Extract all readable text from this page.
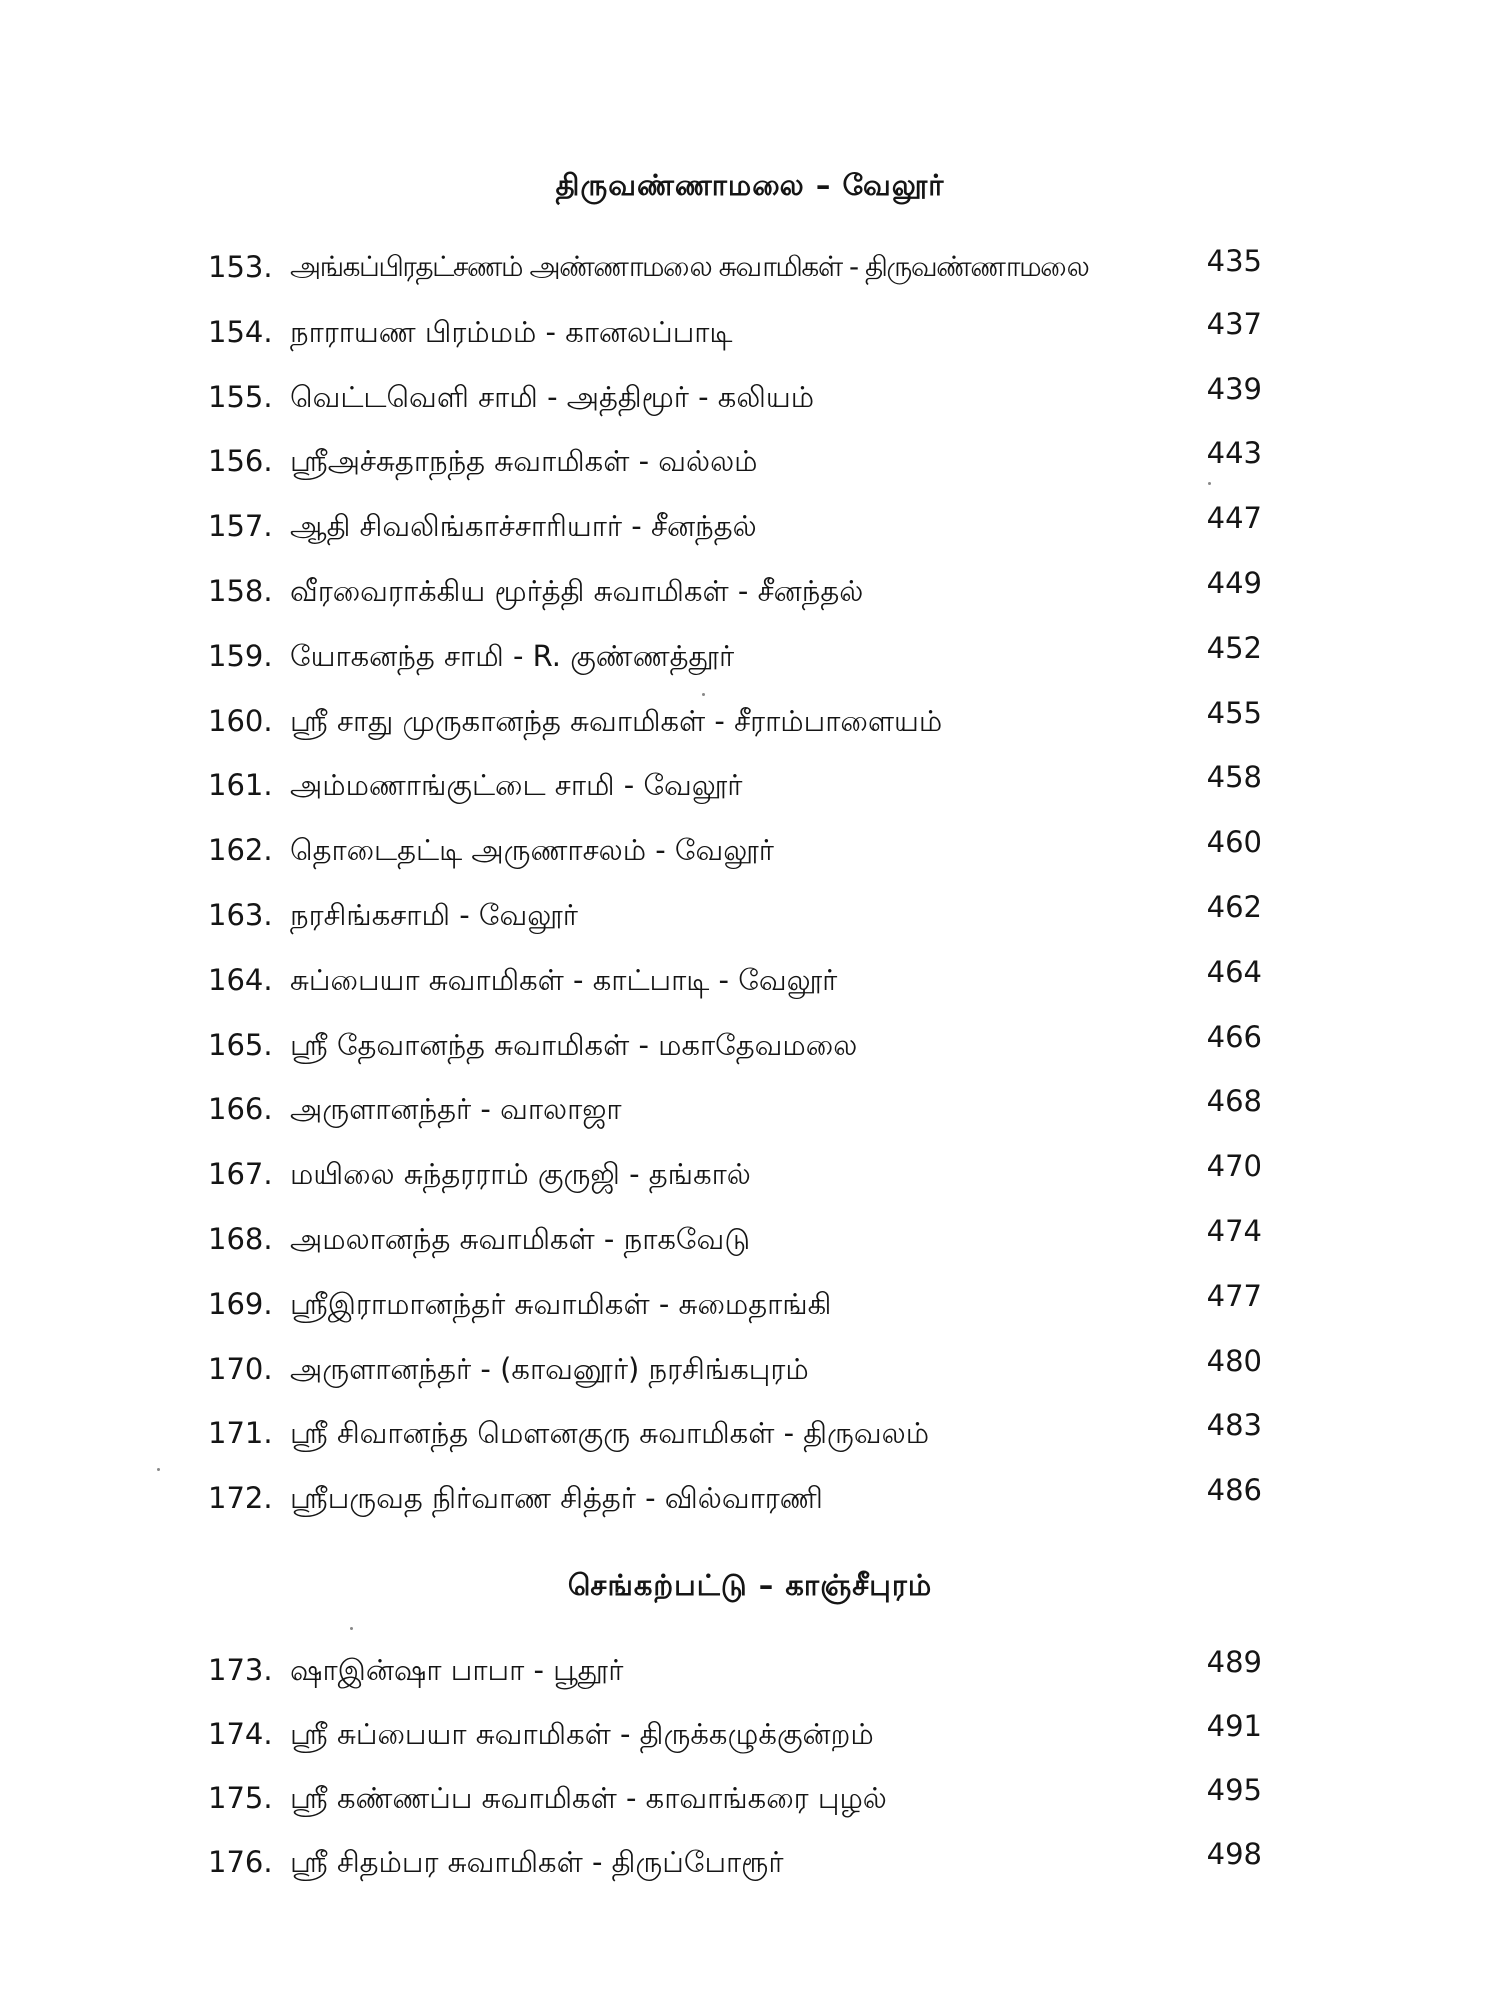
திருவண்ணாமலை – வேலூர்
153. அங்கப்பிரதட்சணம் அண்ணாமலை சுவாமிகள் - திருவண்ணாமலை	435
154. நாராயண பிரம்மம் - கானலப்பாடி	437
155. வெட்டவெளி சாமி - அத்திமூர் - கலியம்	439
156. ஸ்ரீஅச்சுதாநந்த சுவாமிகள் - வல்லம்	443
157. ஆதி சிவலிங்காச்சாரியார் - சீனந்தல்	447
158. வீரவைராக்கிய மூர்த்தி சுவாமிகள் - சீனந்தல்	449
159. யோகனந்த சாமி - R. குண்ணத்தூர்	452
160. ஸ்ரீ சாது முருகானந்த சுவாமிகள் - சீராம்பாளையம்	455
161. அம்மணாங்குட்டை சாமி - வேலூர்	458
162. தொடைதட்டி அருணாசலம் - வேலூர்	460
163. நரசிங்கசாமி - வேலூர்	462
164. சுப்பையா சுவாமிகள் - காட்பாடி - வேலூர்	464
165. ஸ்ரீ தேவானந்த சுவாமிகள் - மகாதேவமலை	466
166. அருளானந்தர் - வாலாஜா	468
167. மயிலை சுந்தரராம் குருஜி - தங்கால்	470
168. அமலானந்த சுவாமிகள் - நாகவேடு	474
169. ஸ்ரீஇராமானந்தர் சுவாமிகள் - சுமைதாங்கி	477
170. அருளானந்தர் - (காவனூர்) நரசிங்கபுரம்	480
171. ஸ்ரீ சிவானந்த மௌனகுரு சுவாமிகள் - திருவலம்	483
172. ஸ்ரீபருவத நிர்வாண சித்தர் - வில்வாரணி	486
செங்கற்பட்டு – காஞ்சீபுரம்
173. ஷாஇன்ஷா பாபா - பூதூர்	489
174. ஸ்ரீ சுப்பையா சுவாமிகள் - திருக்கழுக்குன்றம்	491
175. ஸ்ரீ கண்ணப்ப சுவாமிகள் - காவாங்கரை புழல்	495
176. ஸ்ரீ சிதம்பர சுவாமிகள் - திருப்போரூர்	498
